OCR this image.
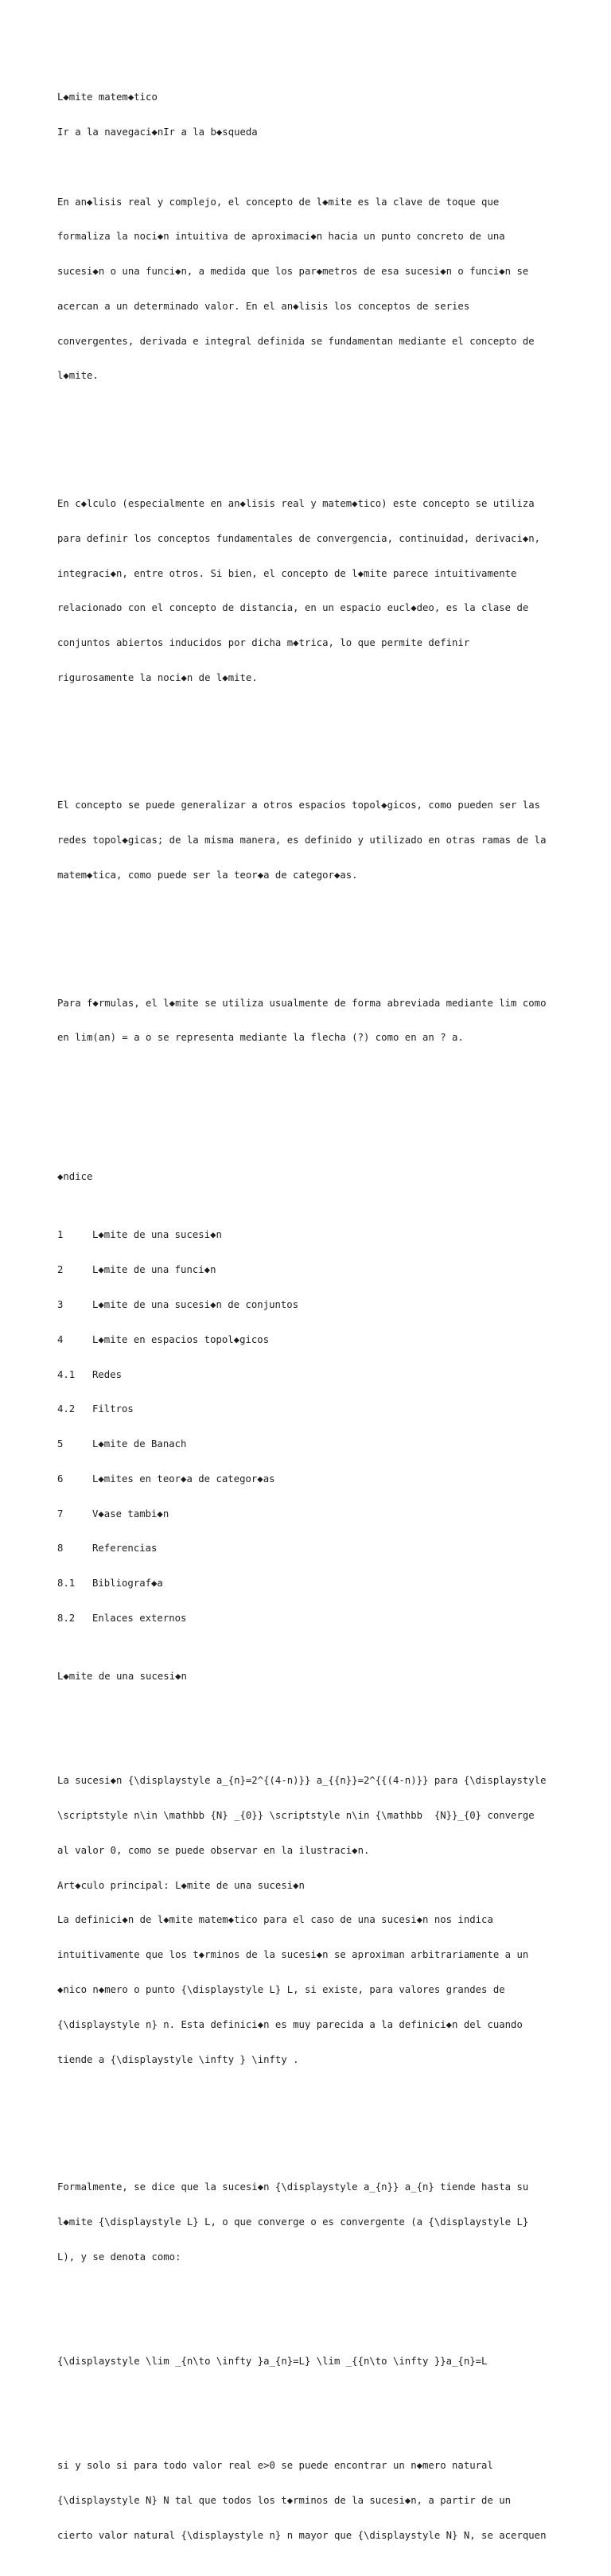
L◆mite matem◆tico

Ir a la navegaci◆nIr a la b◆squeda

En an◆lisis real y complejo, el concepto de l◆mite es la clave de toque que

formaliza la noci◆n intuitiva de aproximaci◆n hacia un punto concreto de una

sucesi◆n o una funci◆n, a medida que los par◆metros de esa sucesi◆n o funci◆n se

acercan a un determinado valor. En el an◆lisis los conceptos de series

convergentes, derivada e integral definida se fundamentan mediante el concepto de

l◆mite.

En c◆lculo (especialmente en an◆lisis real y matem◆tico) este concepto se utiliza

para definir los conceptos fundamentales de convergencia, continuidad, derivaci◆n,

integraci◆n, entre otros. Si bien, el concepto de l◆mite parece intuitivamente

relacionado con el concepto de distancia, en un espacio eucl◆deo, es la clase de

conjuntos abiertos inducidos por dicha m◆trica, lo que permite definir

rigurosamente la noci◆n de l◆mite.

El concepto se puede generalizar a otros espacios topol◆gicos, como pueden ser las

redes topol◆gicas; de la misma manera, es definido y utilizado en otras ramas de la

matem◆tica, como puede ser la teor◆a de categor◆as.

Para f◆rmulas, el l◆mite se utiliza usualmente de forma abreviada mediante lim como

en lim(an) = a o se representa mediante la flecha (?) como en an ? a.

◆ndice

1	L◆mite de una sucesi◆n

2	L◆mite de una funci◆n

3	L◆mite de una sucesi◆n de conjuntos

4	L◆mite en espacios topol◆gicos

4.1 Redes

4.2 Filtros

5	L◆mite de Banach

6	L◆mites en teor◆a de categor◆as

7	V◆ase tambi◆n

8	Referencias

8.1 Bibliograf◆a

8.2 Enlaces externos

L◆mite de una sucesi◆n

La sucesi◆n {\displaystyle a_{n}=2^{(4-n)}} a_{{n}}=2^{{(4-n)}} para {\displaystyle

\scriptstyle n\in \mathbb {N} _{0}} \scriptstyle n\in {\mathbb  {N}}_{0} converge

al valor 0, como se puede observar en la ilustraci◆n.

Art◆culo principal: L◆mite de una sucesi◆n

La definici◆n de l◆mite matem◆tico para el caso de una sucesi◆n nos indica

intuitivamente que los t◆rminos de la sucesi◆n se aproximan arbitrariamente a un

◆nico n◆mero o punto {\displaystyle L} L, si existe, para valores grandes de

{\displaystyle n} n. Esta definici◆n es muy parecida a la definici◆n del cuando

tiende a {\displaystyle \infty } \infty .

Formalmente, se dice que la sucesi◆n {\displaystyle a_{n}} a_{n} tiende hasta su

l◆mite {\displaystyle L} L, o que converge o es convergente (a {\displaystyle L}

L), y se denota como:

{\displaystyle \lim _{n\to \infty }a_{n}=L} \lim _{{n\to \infty }}a_{n}=L

si y solo si para todo valor real e>0 se puede encontrar un n◆mero natural

{\displaystyle N} N tal que todos los t◆rminos de la sucesi◆n, a partir de un

cierto valor natural {\displaystyle n} n mayor que {\displaystyle N} N, se acerquen
